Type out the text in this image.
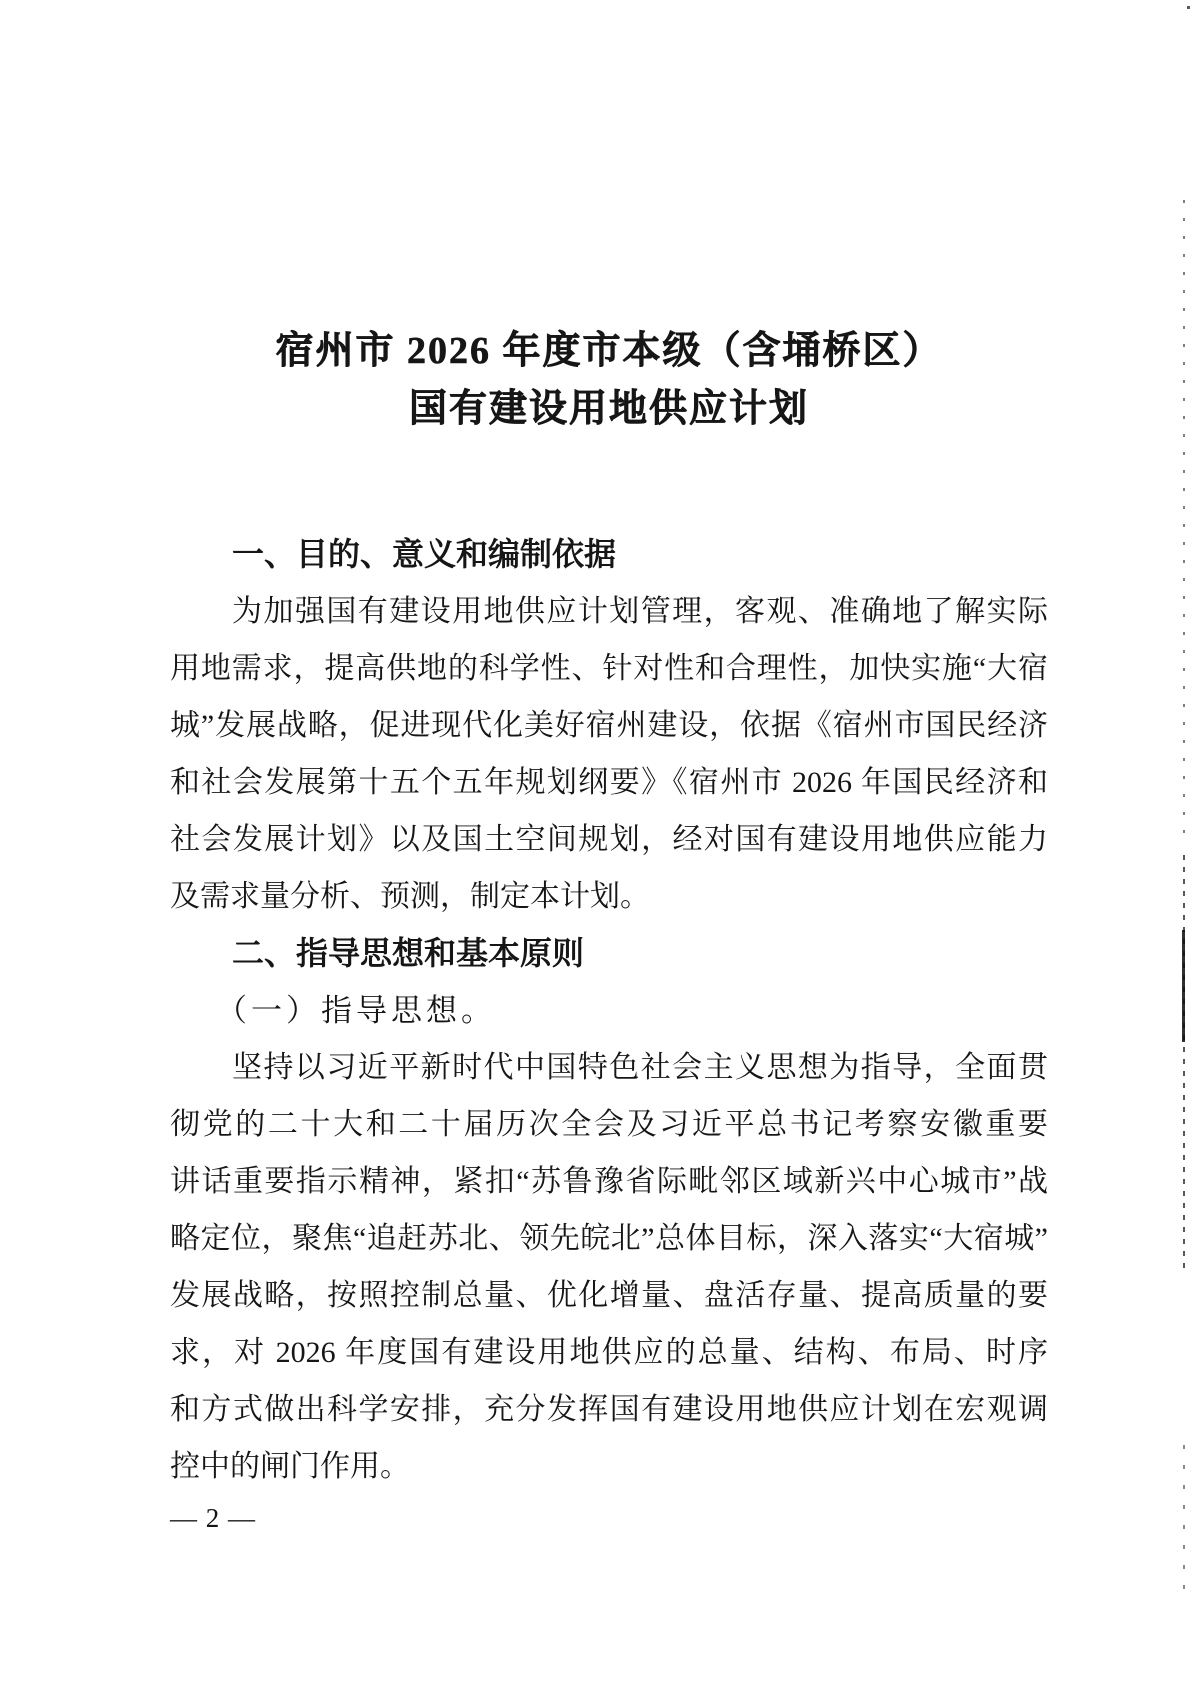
宿州市 2026 年度市本级（含埇桥区）
国有建设用地供应计划
一、目的、意义和编制依据
为加强国有建设用地供应计划管理，客观、准确地了解实际
用地需求，提高供地的科学性、针对性和合理性，加快实施“大宿
城”发展战略，促进现代化美好宿州建设，依据《宿州市国民经济
和社会发展第十五个五年规划纲要》《宿州市 2026 年国民经济和
社会发展计划》以及国土空间规划，经对国有建设用地供应能力
及需求量分析、预测，制定本计划。
二、指导思想和基本原则
（一）指导思想。
坚持以习近平新时代中国特色社会主义思想为指导，全面贯
彻党的二十大和二十届历次全会及习近平总书记考察安徽重要
讲话重要指示精神，紧扣“苏鲁豫省际毗邻区域新兴中心城市”战
略定位，聚焦“追赶苏北、领先皖北”总体目标，深入落实“大宿城”
发展战略，按照控制总量、优化增量、盘活存量、提高质量的要
求，对 2026 年度国有建设用地供应的总量、结构、布局、时序
和方式做出科学安排，充分发挥国有建设用地供应计划在宏观调
控中的闸门作用。
— 2 —
